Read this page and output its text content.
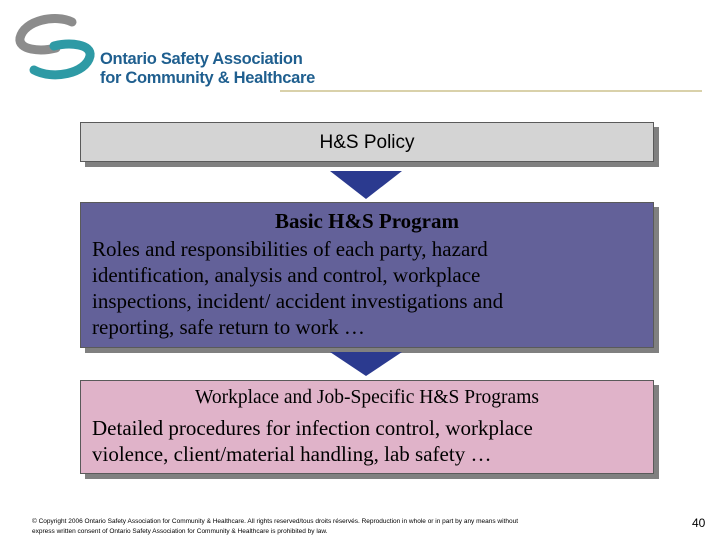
Ontario Safety Association
for Community & Healthcare
H&S Policy
Basic H&S Program
Roles and responsibilities of each party, hazard
identification, analysis and control, workplace
inspections, incident/ accident investigations and
reporting, safe return to work …
Workplace and Job-Specific H&S Programs
Detailed procedures for infection control, workplace
violence, client/material handling, lab safety …
© Copyright 2006 Ontario Safety Association for Community & Healthcare. All rights reserved/tous droits réservés. Reproduction in whole or in part by any means without
express written consent of Ontario Safety Association for Community & Healthcare is prohibited by law.
40
